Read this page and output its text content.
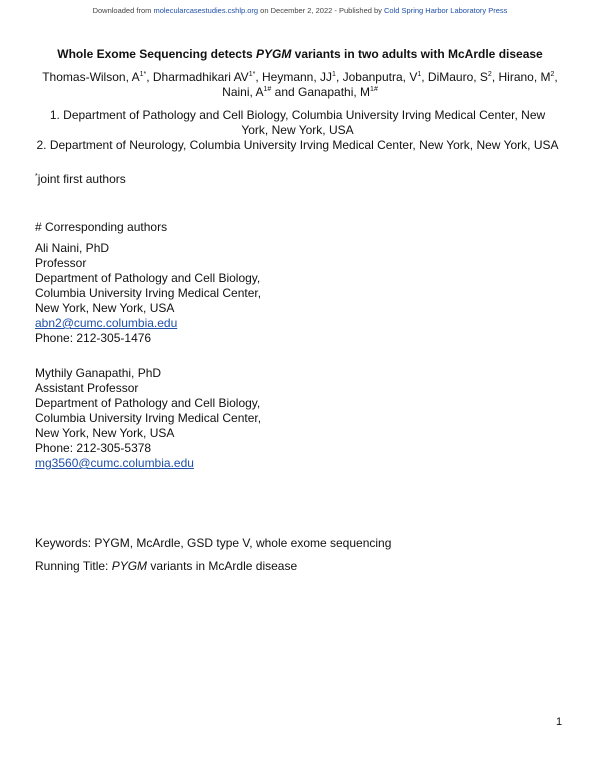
Downloaded from molecularcasestudies.cshlp.org on December 2, 2022 - Published by Cold Spring Harbor Laboratory Press
Whole Exome Sequencing detects PYGM variants in two adults with McArdle disease
Thomas-Wilson, $A^{1*}$, Dharmadhikari $AV^{1*}$, Heymann, $JJ^1$, Jobanputra, $V^1$, DiMauro, $S^2$, Hirano, $M^2$, Naini, $A^{1\#}$ and Ganapathi, $M^{1\#}$
1. Department of Pathology and Cell Biology, Columbia University Irving Medical Center, New York, New York, USA
2. Department of Neurology, Columbia University Irving Medical Center, New York, New York, USA
*joint first authors
# Corresponding authors
Ali Naini, PhD
Professor
Department of Pathology and Cell Biology,
Columbia University Irving Medical Center,
New York, New York, USA
abn2@cumc.columbia.edu
Phone: 212-305-1476
Mythily Ganapathi, PhD
Assistant Professor
Department of Pathology and Cell Biology,
Columbia University Irving Medical Center,
New York, New York, USA
Phone: 212-305-5378
mg3560@cumc.columbia.edu
Keywords: PYGM, McArdle, GSD type V, whole exome sequencing
Running Title: PYGM variants in McArdle disease
1
